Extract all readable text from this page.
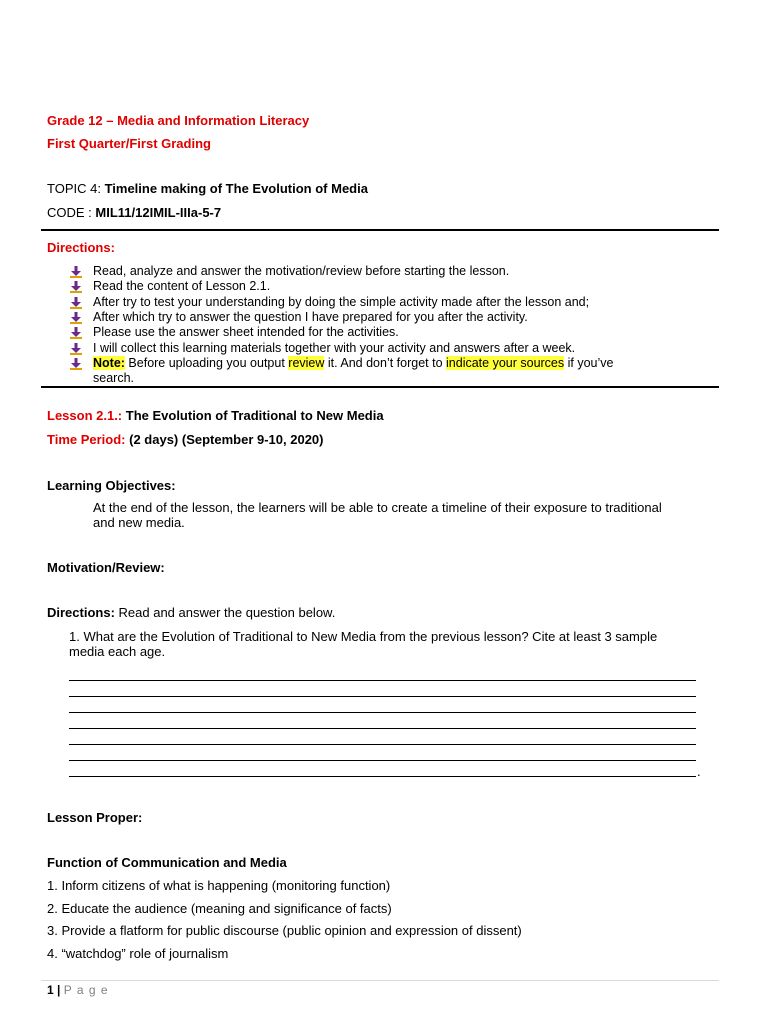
Grade 12 – Media and Information Literacy
First Quarter/First Grading
TOPIC 4: Timeline making of The Evolution of Media
CODE : MIL11/12IMIL-IIIa-5-7
Directions:
Read, analyze and answer the motivation/review before starting the lesson.
Read the content of Lesson 2.1.
After try to test your understanding by doing the simple activity made after the lesson and;
After which try to answer the question I have prepared for you after the activity.
Please use the answer sheet intended for the activities.
I will collect this learning materials together with your activity and answers after a week.
Note: Before uploading you output review it. And don’t forget to indicate your sources if you’ve
search.
Lesson 2.1.: The Evolution of Traditional to New Media
Time Period: (2 days) (September 9-10, 2020)
Learning Objectives:
At the end of the lesson, the learners will be able to create a timeline of their exposure to traditional
and new media.
Motivation/Review:
Directions: Read and answer the question below.
1. What are the Evolution of Traditional to New Media from the previous lesson? Cite at least 3 sample
media each age.
.
Lesson Proper:
Function of Communication and Media
1. Inform citizens of what is happening (monitoring function)
2. Educate the audience (meaning and significance of facts)
3. Provide a flatform for public discourse (public opinion and expression of dissent)
4. “watchdog” role of journalism
1 | P a g e
